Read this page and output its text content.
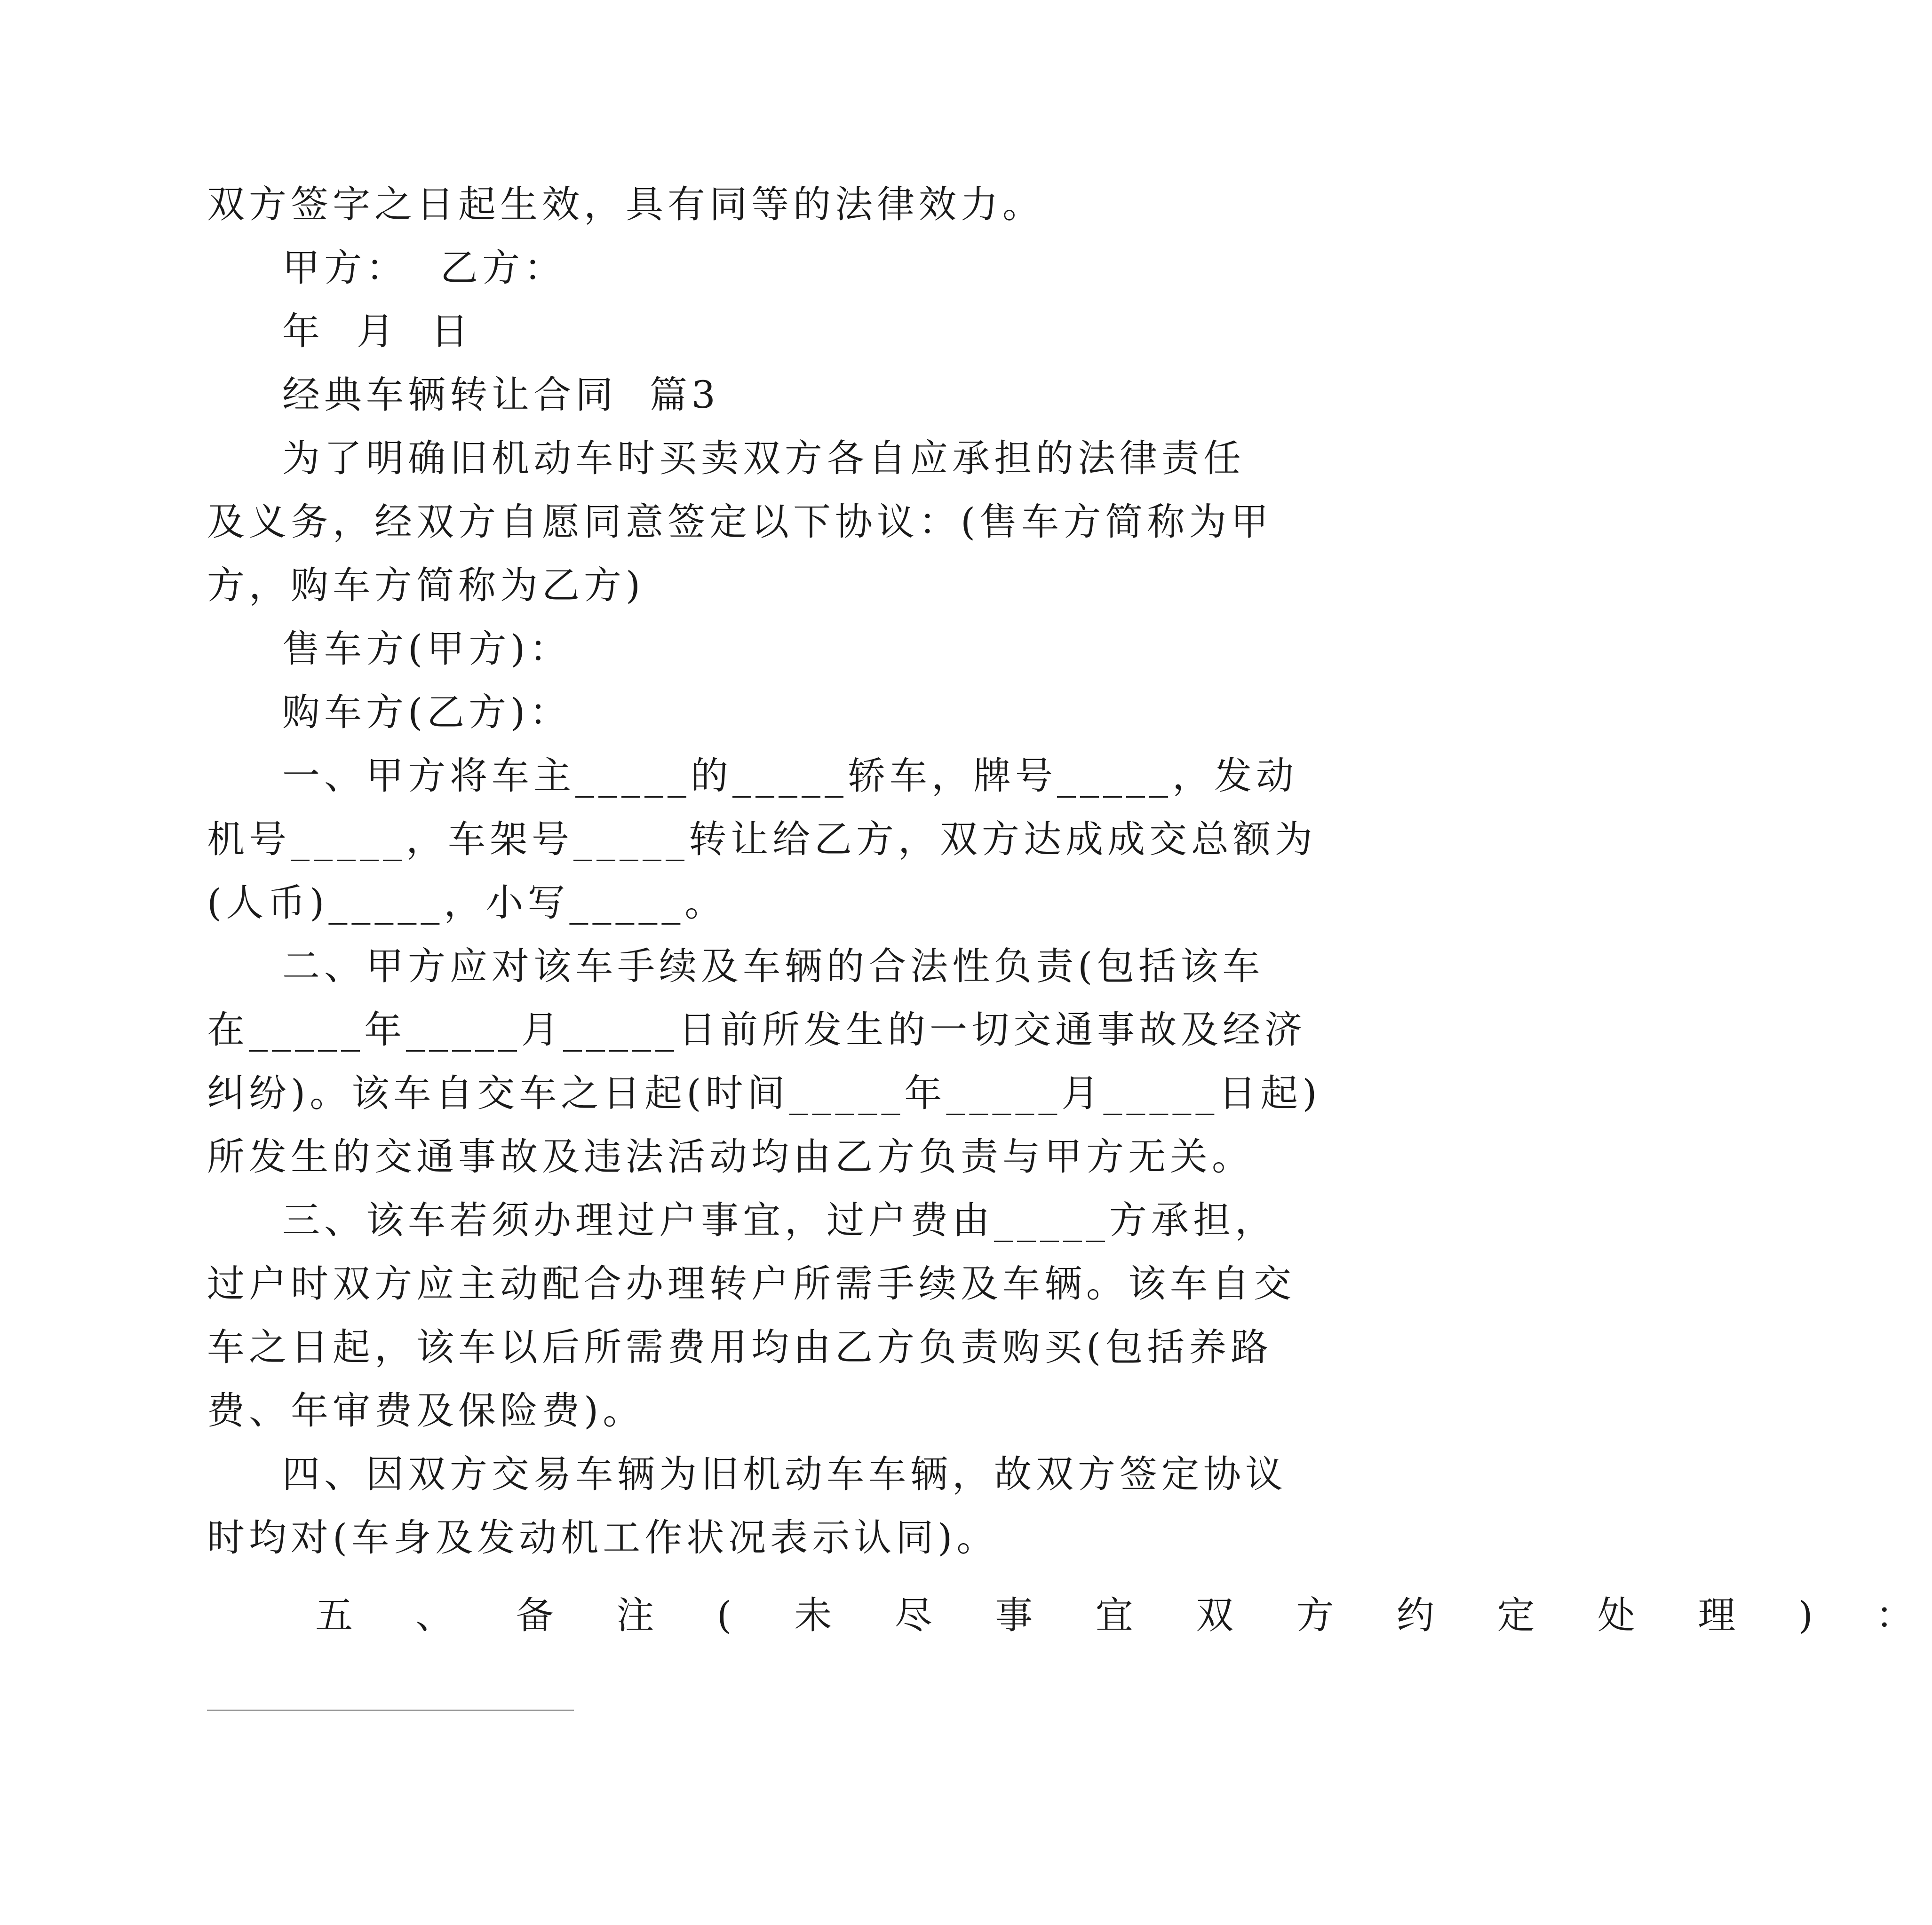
双方签字之日起生效，具有同等的法律效力。

甲方：  乙方：

年  月  日

经典车辆转让合同  篇3

为了明确旧机动车时买卖双方各自应承担的法律责任

及义务，经双方自愿同意签定以下协议：(售车方简称为甲

方，购车方简称为乙方)

售车方(甲方)：

购车方(乙方)：

一、甲方将车主_____的_____轿车，牌号_____，发动

机号_____，车架号_____转让给乙方，双方达成成交总额为

(人币)_____，小写_____。

二、甲方应对该车手续及车辆的合法性负责(包括该车

在_____年_____月_____日前所发生的一切交通事故及经济

纠纷)。该车自交车之日起(时间_____年_____月_____日起)

所发生的交通事故及违法活动均由乙方负责与甲方无关。

三、该车若须办理过户事宜，过户费由_____方承担，

过户时双方应主动配合办理转户所需手续及车辆。该车自交

车之日起，该车以后所需费用均由乙方负责购买(包括养路

费、年审费及保险费)。

四、因双方交易车辆为旧机动车车辆，故双方签定协议

时均对(车身及发动机工作状况表示认同)。

五 、 备 注 ( 未 尽 事 宜 双 方 约 定 处 理 ) ：
